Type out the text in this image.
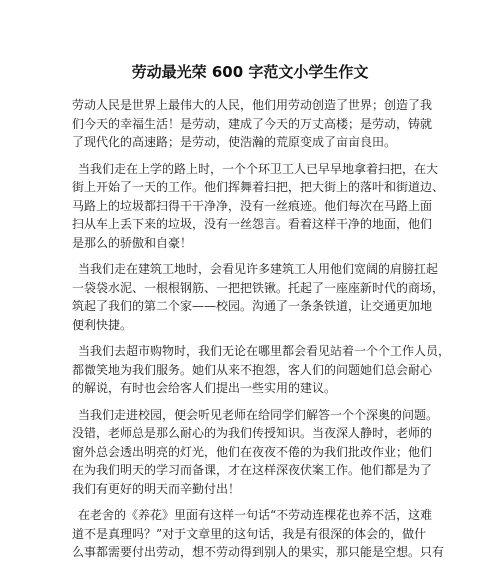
劳动最光荣 600 字范文小学生作文
劳动人民是世界上最伟大的人民，他们用劳动创造了世界；创造了我
们今天的幸福生活！是劳动，建成了今天的万丈高楼；是劳动，铸就
了现代化的高速路；是劳动，使浩瀚的荒原变成了亩亩良田。
当我们走在上学的路上时，一个个环卫工人已早早地拿着扫把，在大
街上开始了一天的工作。他们挥舞着扫把，把大街上的落叶和街道边、
马路上的垃圾都扫得干干净净，没有一丝痕迹。他们每次在马路上面
扫从车上丢下来的垃圾，没有一丝怨言。看着这样干净的地面，他们
是那么的骄傲和自豪！
当我们走在建筑工地时，会看见许多建筑工人用他们宽阔的肩膀扛起
一袋袋水泥、一根根钢筋、一把把铁锹。托起了一座座新时代的商场，
筑起了我们的第二个家——校园。沟通了一条条铁道，让交通更加地
便利快捷。
当我们去超市购物时，我们无论在哪里都会看见站着一个个工作人员，
都微笑地为我们服务。她们从来不抱怨，客人们的问题她们总会耐心
的解说，有时也会给客人们提出一些实用的建议。
当我们走进校园，便会听见老师在给同学们解答一个个深奥的问题。
没错，老师总是那么耐心的为我们传授知识。当夜深人静时，老师的
窗外总会透出明亮的灯光，他们在夜夜不倦的为我们批改作业；他们
在为我们明天的学习而备课，才在这样深夜伏案工作。他们都是为了
我们有更好的明天而辛勤付出！
在老舍的《养花》里面有这样一句话“不劳动连棵花也养不活，这难
道不是真理吗？”对于文章里的这句话，我是有很深的体会的，做什
么事都需要付出劳动，想不劳动得到别人的果实，那只能是空想。只有
